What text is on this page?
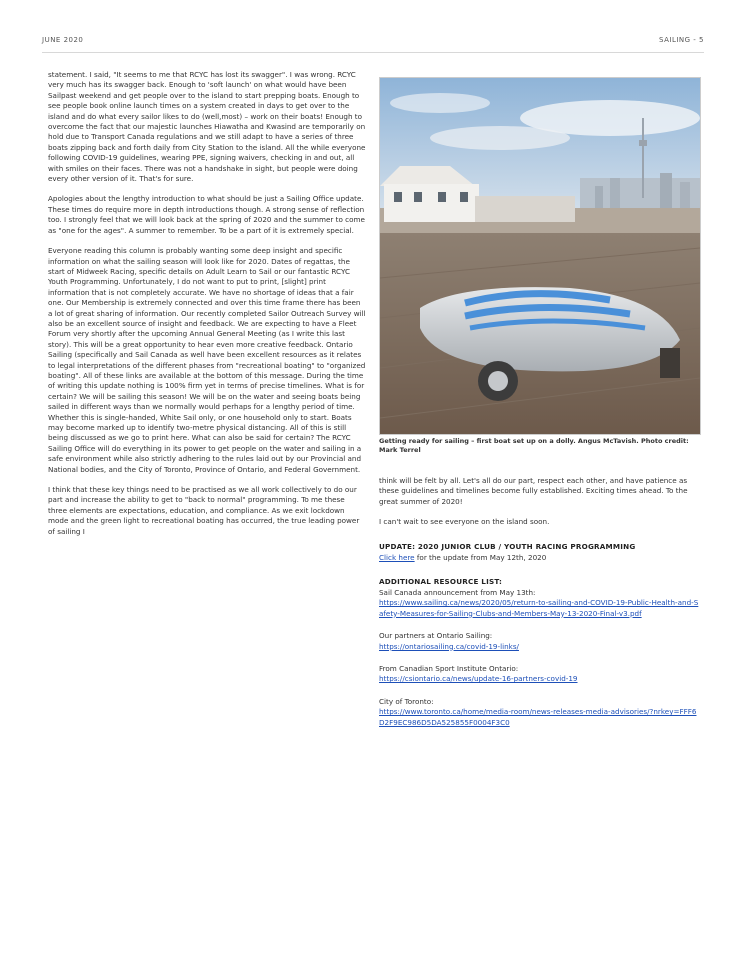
JUNE 2020	SAILING - 5

statement. I said, "It seems to me that RCYC has lost its swagger". I was wrong. RCYC very much has its swagger back. Enough to 'soft launch' on what would have been Sailpast weekend and get people over to the island to start prepping boats. Enough to see people book online launch times on a system created in days to get over to the island and do what every sailor likes to do (well,most) – work on their boats! Enough to overcome the fact that our majestic launches Hiawatha and Kwasind are temporarily on hold due to Transport Canada regulations and we still adapt to have a series of three boats zipping back and forth daily from City Station to the island. All the while everyone following COVID-19 guidelines, wearing PPE, signing waivers, checking in and out, all with smiles on their faces. There was not a handshake in sight, but people were doing every other version of it. That's for sure.

Apologies about the lengthy introduction to what should be just a Sailing Office update. These times do require more in depth introductions though. A strong sense of reflection too. I strongly feel that we will look back at the spring of 2020 and the summer to come as "one for the ages". A summer to remember. To be a part of it is extremely special.

Everyone reading this column is probably wanting some deep insight and specific information on what the sailing season will look like for 2020. Dates of regattas, the start of Midweek Racing, specific details on Adult Learn to Sail or our fantastic RCYC Youth Programming. Unfortunately, I do not want to put to print, [slight] print information that is not completely accurate. We have no shortage of ideas that a fair one. Our Membership is extremely connected and over this time frame there has been a lot of great sharing of information. Our recently completed Sailor Outreach Survey will also be an excellent source of insight and feedback. We are expecting to have a Fleet Forum very shortly after the upcoming Annual General Meeting (as I write this last story). This will be a great opportunity to hear even more creative feedback. Ontario Sailing (specifically and Sail Canada as well have been excellent resources as it relates to legal interpretations of the different phases from "recreational boating" to "organized boating". All of these links are available at the bottom of this message. During the time of writing this update nothing is 100% firm yet in terms of precise timelines. What is for certain? We will be sailing this season! We will be on the water and seeing boats being sailed in different ways than we normally would perhaps for a lengthy period of time. Whether this is single-handed, White Sail only, or one household only to start. Boats may become marked up to identify two-metre physical distancing. All of this is still being discussed as we go to print here. What can also be said for certain? The RCYC Sailing Office will do everything in its power to get people on the water and sailing in a safe environment while also strictly adhering to the rules laid out by our Provincial and National bodies, and the City of Toronto, Province of Ontario, and Federal Government.

I think that these key things need to be practised as we all work collectively to do our part and increase the ability to get to "back to normal" programming. To me these three elements are expectations, education, and compliance. As we exit lockdown mode and the green light to recreational boating has occurred, the true leading power of sailing I

Getting ready for sailing – first boat set up on a dolly. Angus McTavish. Photo credit: Mark Terrel

think will be felt by all. Let's all do our part, respect each other, and have patience as these guidelines and timelines become fully established. Exciting times ahead. To the great summer of 2020!

I can't wait to see everyone on the island soon.

UPDATE: 2020 JUNIOR CLUB / YOUTH RACING PROGRAMMING
Click here for the update from May 12th, 2020
ADDITIONAL RESOURCE LIST:
Sail Canada announcement from May 13th:
https://www.sailing.ca/news/2020/05/return-to-sailing-and-COVID-19-Public-Health-and-Safety-Measures-for-Sailing-Clubs-and-Members-May-13-2020-Final-v3.pdf
Our partners at Ontario Sailing:
https://ontariosailing.ca/covid-19-links/
From Canadian Sport Institute Ontario:
https://csiontario.ca/news/update-16-partners-covid-19
City of Toronto:
https://www.toronto.ca/home/media-room/news-releases-media-advisories/?nrkey=FFF6D2F9EC986D5DA525855F0004F3C0
